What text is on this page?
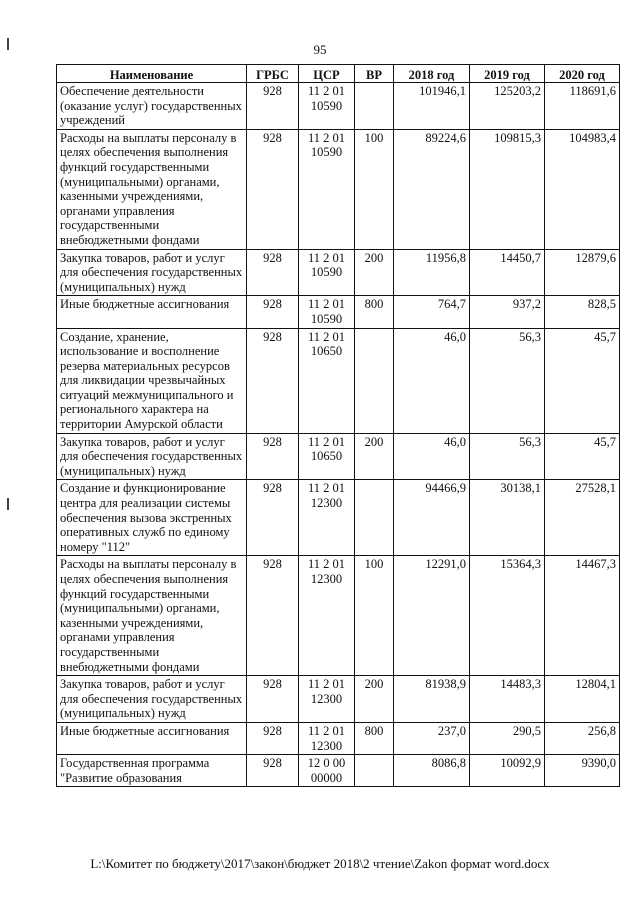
95
Наименование	ГРБС	ЦСР	ВР	2018 год	2019 год	2020 год
Обеспечение деятельности (оказание услуг) государственных учреждений	928	11 2 01 10590		101946,1	125203,2	118691,6
Расходы на выплаты персоналу в целях обеспечения выполнения функций государственными (муниципальными) органами, казенными учреждениями, органами управления государственными внебюджетными фондами	928	11 2 01 10590	100	89224,6	109815,3	104983,4
Закупка товаров, работ и услуг для обеспечения государственных (муниципальных) нужд	928	11 2 01 10590	200	11956,8	14450,7	12879,6
Иные бюджетные ассигнования	928	11 2 01 10590	800	764,7	937,2	828,5
Создание, хранение, использование и восполнение резерва материальных ресурсов для ликвидации чрезвычайных ситуаций межмуниципального и регионального характера на территории Амурской области	928	11 2 01 10650		46,0	56,3	45,7
Закупка товаров, работ и услуг для обеспечения государственных (муниципальных) нужд	928	11 2 01 10650	200	46,0	56,3	45,7
Создание и функционирование центра для реализации системы обеспечения вызова экстренных оперативных служб по единому номеру "112"	928	11 2 01 12300		94466,9	30138,1	27528,1
Расходы на выплаты персоналу в целях обеспечения выполнения функций государственными (муниципальными) органами, казенными учреждениями, органами управления государственными внебюджетными фондами	928	11 2 01 12300	100	12291,0	15364,3	14467,3
Закупка товаров, работ и услуг для обеспечения государственных (муниципальных) нужд	928	11 2 01 12300	200	81938,9	14483,3	12804,1
Иные бюджетные ассигнования	928	11 2 01 12300	800	237,0	290,5	256,8
Государственная программа "Развитие образования	928	12 0 00 00000		8086,8	10092,9	9390,0
L:\Комитет по бюджету\2017\закон\бюджет 2018\2 чтение\Zakon формат word.docx
